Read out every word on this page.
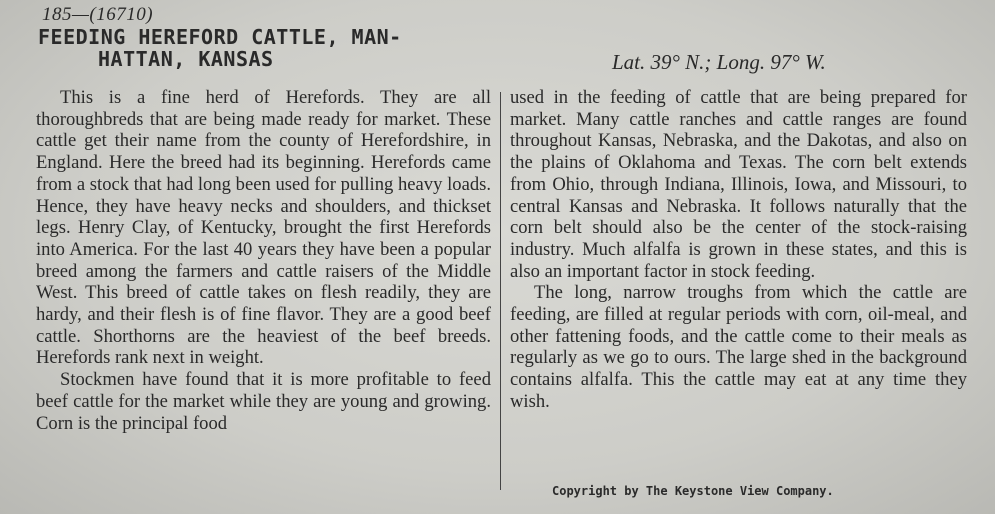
185—(16710)
FEEDING HEREFORD CATTLE, MAN-
HATTAN, KANSAS	Lat. 39° N.; Long. 97° W.

This is a fine herd of Herefords. They are all thoroughbreds that are being made ready for market. These cattle get their name from the county of Herefordshire, in England. Here the breed had its beginning. Herefords came from a stock that had long been used for pulling heavy loads. Hence, they have heavy necks and shoulders, and thickset legs. Henry Clay, of Kentucky, brought the first Herefords into America. For the last 40 years they have been a popular breed among the farmers and cattle raisers of the Middle West. This breed of cattle takes on flesh readily, they are hardy, and their flesh is of fine flavor. They are a good beef cattle. Shorthorns are the heaviest of the beef breeds. Herefords rank next in weight.

Stockmen have found that it is more profitable to feed beef cattle for the market while they are young and growing. Corn is the principal food

used in the feeding of cattle that are being prepared for market. Many cattle ranches and cattle ranges are found throughout Kansas, Nebraska, and the Dakotas, and also on the plains of Oklahoma and Texas. The corn belt extends from Ohio, through Indiana, Illinois, Iowa, and Missouri, to central Kansas and Nebraska. It follows naturally that the corn belt should also be the center of the stock-raising industry. Much alfalfa is grown in these states, and this is also an important factor in stock feeding.

The long, narrow troughs from which the cattle are feeding, are filled at regular periods with corn, oil-meal, and other fattening foods, and the cattle come to their meals as regularly as we go to ours. The large shed in the background contains alfalfa. This the cattle may eat at any time they wish.

Copyright by The Keystone View Company.
